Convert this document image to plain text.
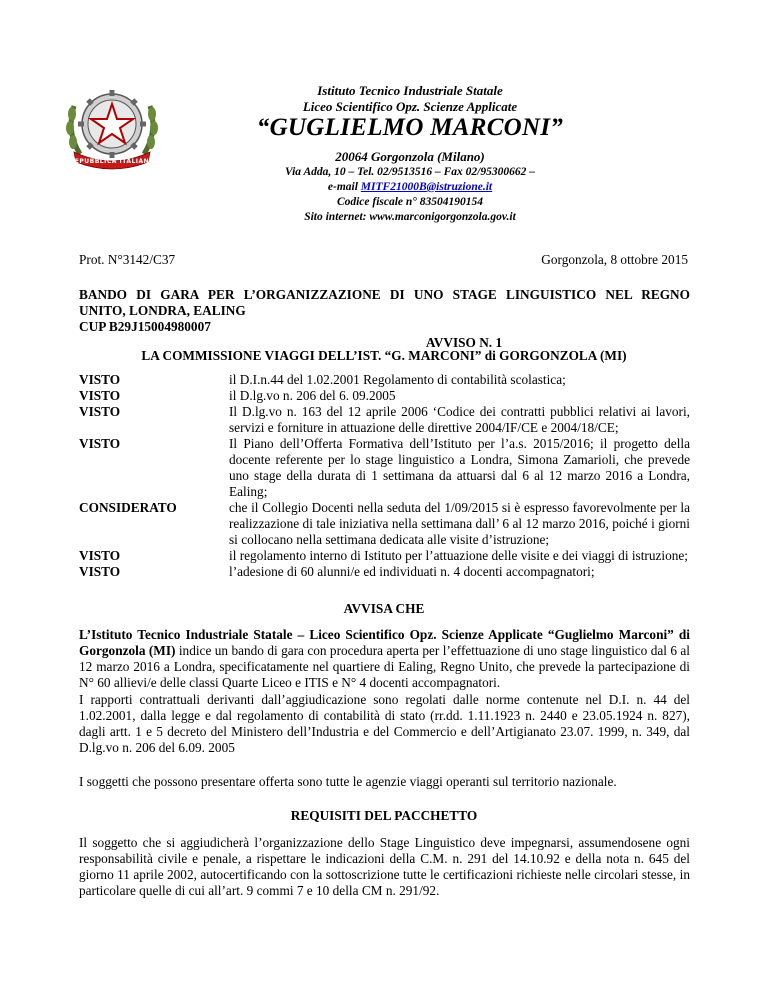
REPUBBLICA ITALIANA
Istituto Tecnico Industriale Statale
Liceo Scientifico Opz. Scienze Applicate
“GUGLIELMO MARCONI”
20064 Gorgonzola (Milano)
Via Adda, 10 – Tel. 02/9513516 – Fax 02/95300662 –
e-mail MITF21000B@istruzione.it
Codice fiscale n° 83504190154
Sito internet: www.marconigorgonzola.gov.it
Prot. N°3142/C37	Gorgonzola, 8 ottobre 2015
BANDO DI GARA PER L’ORGANIZZAZIONE DI UNO STAGE LINGUISTICO NEL REGNO
UNITO, LONDRA, EALING
CUP B29J15004980007
AVVISO N. 1
LA COMMISSIONE VIAGGI DELL’IST. “G. MARCONI” di GORGONZOLA (MI)
VISTO	il D.I.n.44 del 1.02.2001 Regolamento di contabilità scolastica;
VISTO	il D.lg.vo n. 206 del 6. 09.2005
VISTO	Il D.lg.vo n. 163 del 12 aprile 2006 ‘Codice dei contratti pubblici relativi ai lavori, servizi e forniture in attuazione delle direttive 2004/IF/CE e 2004/18/CE;
VISTO	Il Piano dell’Offerta Formativa dell’Istituto per l’a.s. 2015/2016; il progetto della docente referente per lo stage linguistico a Londra, Simona Zamarioli, che prevede uno stage della durata di 1 settimana da attuarsi dal 6 al 12 marzo 2016 a Londra, Ealing;
CONSIDERATO	che il Collegio Docenti nella seduta del 1/09/2015 si è espresso favorevolmente per la realizzazione di tale iniziativa nella settimana dall’ 6 al 12 marzo 2016, poiché i giorni si collocano nella settimana dedicata alle visite d’istruzione;
VISTO	il regolamento interno di Istituto per l’attuazione delle visite e dei viaggi di istruzione;
VISTO	l’adesione di 60 alunni/e ed individuati n. 4 docenti accompagnatori;
AVVISA CHE
L’Istituto Tecnico Industriale Statale – Liceo Scientifico Opz. Scienze Applicate “Guglielmo Marconi” di Gorgonzola (MI) indice un bando di gara con procedura aperta per l’effettuazione di uno stage linguistico dal 6 al 12 marzo 2016 a Londra, specificatamente nel quartiere di Ealing, Regno Unito, che prevede la partecipazione di N° 60 allievi/e delle classi Quarte Liceo e ITIS e N° 4 docenti accompagnatori.
I rapporti contrattuali derivanti dall’aggiudicazione sono regolati dalle norme contenute nel D.I. n. 44 del 1.02.2001, dalla legge e dal regolamento di contabilità di stato (rr.dd. 1.11.1923 n. 2440 e 23.05.1924 n. 827), dagli artt. 1 e 5 decreto del Ministero dell’Industria e del Commercio e dell’Artigianato 23.07. 1999, n. 349, dal D.lg.vo n. 206 del 6.09. 2005
I soggetti che possono presentare offerta sono tutte le agenzie viaggi operanti sul territorio nazionale.
REQUISITI DEL PACCHETTO
Il soggetto che si aggiudicherà l’organizzazione dello Stage Linguistico deve impegnarsi, assumendosene ogni responsabilità civile e penale, a rispettare le indicazioni della C.M. n. 291 del 14.10.92 e della nota n. 645 del giorno 11 aprile 2002, autocertificando con la sottoscrizione tutte le certificazioni richieste nelle circolari stesse, in particolare quelle di cui all’art. 9 commi 7 e 10 della CM n. 291/92.
